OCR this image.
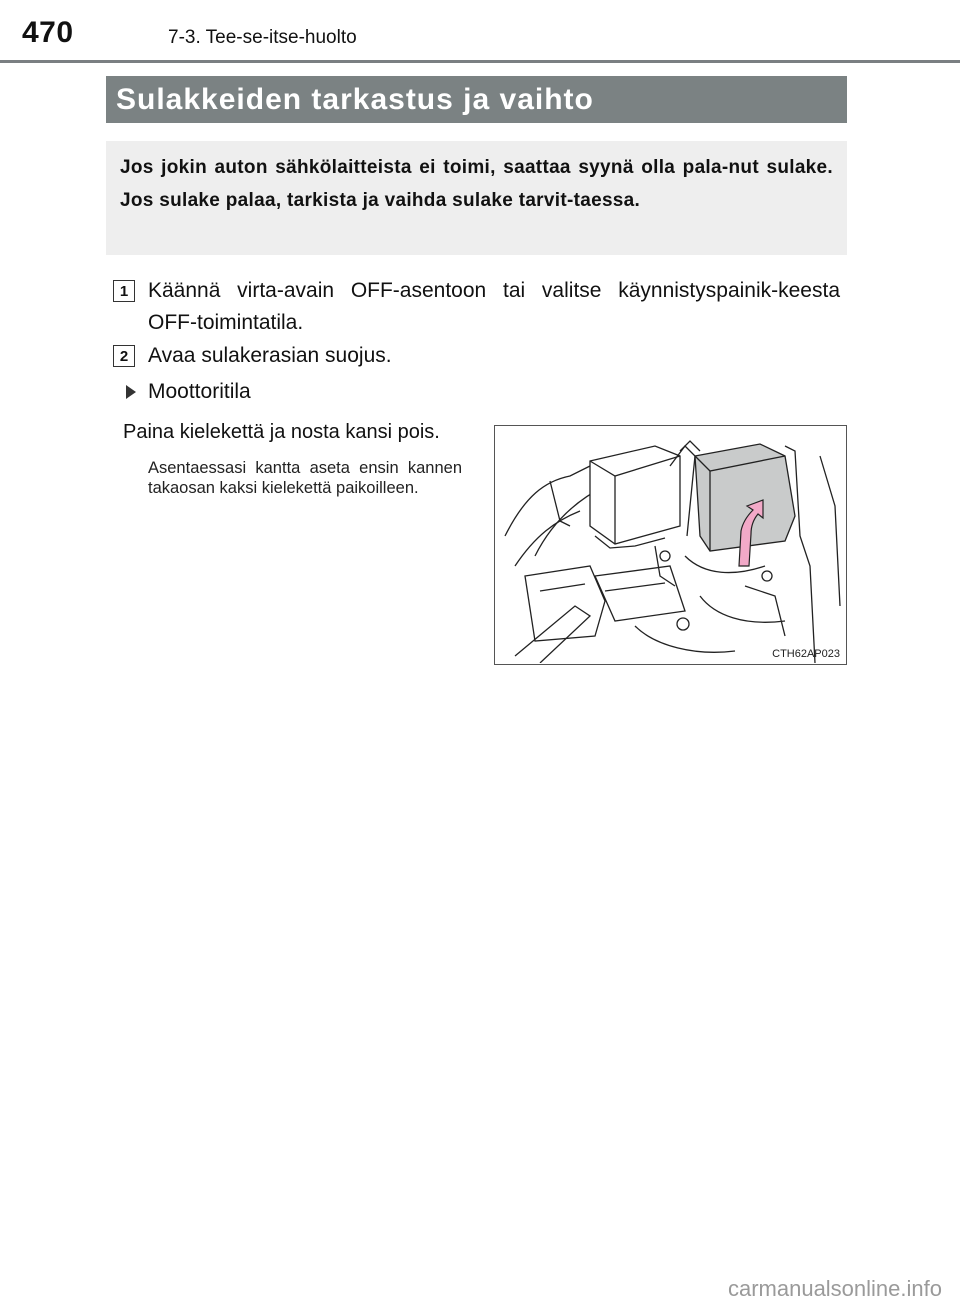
470	7-3. Tee-se-itse-huolto
Sulakkeiden tarkastus ja vaihto
Jos jokin auton sähkölaitteista ei toimi, saattaa syynä olla pala-nut sulake. Jos sulake palaa, tarkista ja vaihda sulake tarvit-taessa.
1 Käännä virta-avain OFF-asentoon tai valitse käynnistyspainik-keesta OFF-toimintatila.
2 Avaa sulakerasian suojus.
Moottoritila
Paina kielekettä ja nosta kansi pois.
Asentaessasi kantta aseta ensin kannen takaosan kaksi kielekettä paikoilleen.
CTH62AP023
carmanualsonline.info
